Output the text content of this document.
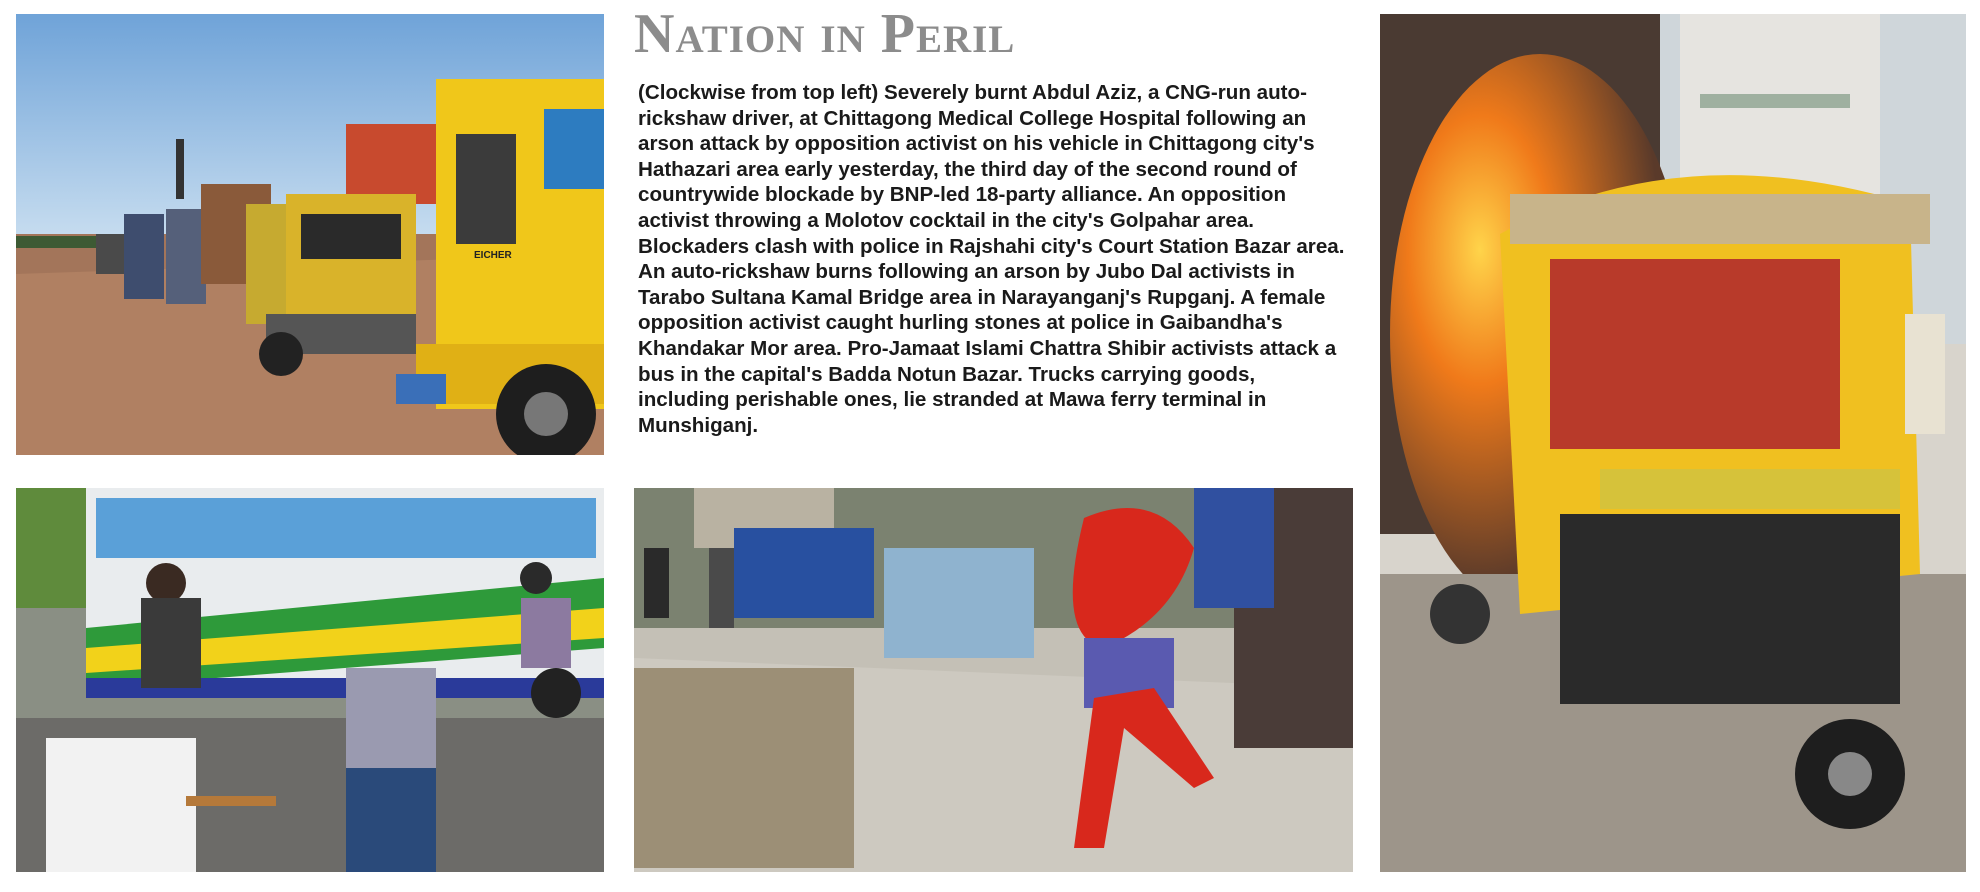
EICHER
Nation in Peril

(Clockwise from top left) Severely burnt Abdul Aziz, a CNG-run auto-rickshaw driver, at Chittagong Medical College Hospital following an arson attack by opposition activist on his vehicle in Chittagong city's Hathazari area early yesterday, the third day of the second round of countrywide blockade by BNP-led 18-party alliance. An opposition activist throwing a Molotov cocktail in the city's Golpahar area. Blockaders clash with police in Rajshahi city's Court Station Bazar area. An auto-rickshaw burns following an arson by Jubo Dal activists in Tarabo Sultana Kamal Bridge area in Narayanganj's Rupganj. A female opposition activist caught hurling stones at police in Gaibandha's Khandakar Mor area. Pro-Jamaat Islami Chattra Shibir activists attack a bus in the capital's Badda Notun Bazar. Trucks carrying goods, including perishable ones, lie stranded at Mawa ferry terminal in Munshiganj.
